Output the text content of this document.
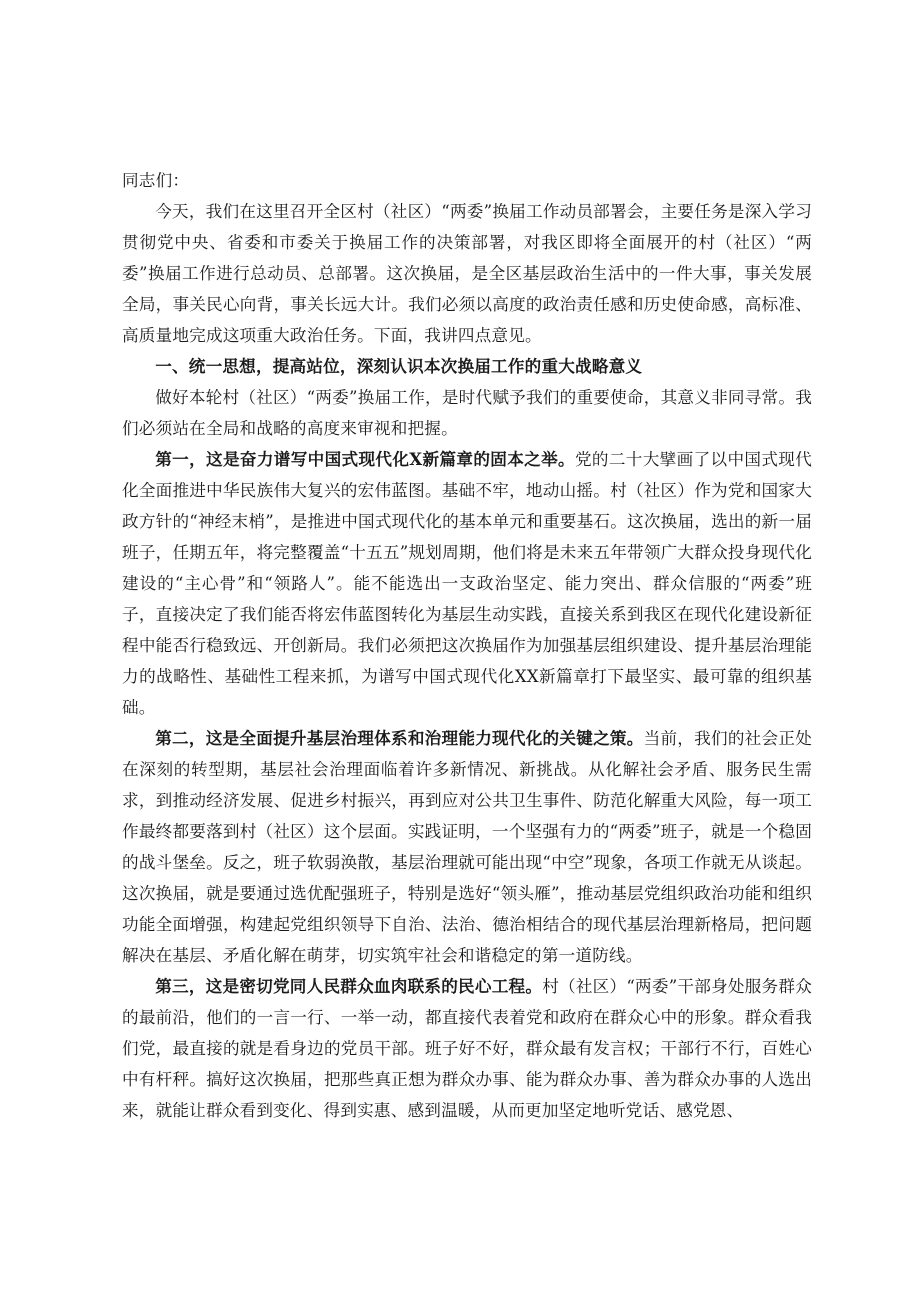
同志们：

今天，我们在这里召开全区村（社区）“两委”换届工作动员部署会，主要任务是深入学习贯彻党中央、省委和市委关于换届工作的决策部署，对我区即将全面展开的村（社区）“两委”换届工作进行总动员、总部署。这次换届，是全区基层政治生活中的一件大事，事关发展全局，事关民心向背，事关长远大计。我们必须以高度的政治责任感和历史使命感，高标准、高质量地完成这项重大政治任务。下面，我讲四点意见。

一、统一思想，提高站位，深刻认识本次换届工作的重大战略意义

做好本轮村（社区）“两委”换届工作，是时代赋予我们的重要使命，其意义非同寻常。我们必须站在全局和战略的高度来审视和把握。

第一，这是奋力谱写中国式现代化X新篇章的固本之举。党的二十大擘画了以中国式现代化全面推进中华民族伟大复兴的宏伟蓝图。基础不牢，地动山摇。村（社区）作为党和国家大政方针的“神经末梢”，是推进中国式现代化的基本单元和重要基石。这次换届，选出的新一届班子，任期五年，将完整覆盖“十五五”规划周期，他们将是未来五年带领广大群众投身现代化建设的“主心骨”和“领路人”。能不能选出一支政治坚定、能力突出、群众信服的“两委”班子，直接决定了我们能否将宏伟蓝图转化为基层生动实践，直接关系到我区在现代化建设新征程中能否行稳致远、开创新局。我们必须把这次换届作为加强基层组织建设、提升基层治理能力的战略性、基础性工程来抓，为谱写中国式现代化XX新篇章打下最坚实、最可靠的组织基础。

第二，这是全面提升基层治理体系和治理能力现代化的关键之策。当前，我们的社会正处在深刻的转型期，基层社会治理面临着许多新情况、新挑战。从化解社会矛盾、服务民生需求，到推动经济发展、促进乡村振兴，再到应对公共卫生事件、防范化解重大风险，每一项工作最终都要落到村（社区）这个层面。实践证明，一个坚强有力的“两委”班子，就是一个稳固的战斗堡垒。反之，班子软弱涣散，基层治理就可能出现“中空”现象，各项工作就无从谈起。这次换届，就是要通过选优配强班子，特别是选好“领头雁”，推动基层党组织政治功能和组织功能全面增强，构建起党组织领导下自治、法治、德治相结合的现代基层治理新格局，把问题解决在基层、矛盾化解在萌芽，切实筑牢社会和谐稳定的第一道防线。

第三，这是密切党同人民群众血肉联系的民心工程。村（社区）“两委”干部身处服务群众的最前沿，他们的一言一行、一举一动，都直接代表着党和政府在群众心中的形象。群众看我们党，最直接的就是看身边的党员干部。班子好不好，群众最有发言权；干部行不行，百姓心中有杆秤。搞好这次换届，把那些真正想为群众办事、能为群众办事、善为群众办事的人选出来，就能让群众看到变化、得到实惠、感到温暖，从而更加坚定地听党话、感党恩、
